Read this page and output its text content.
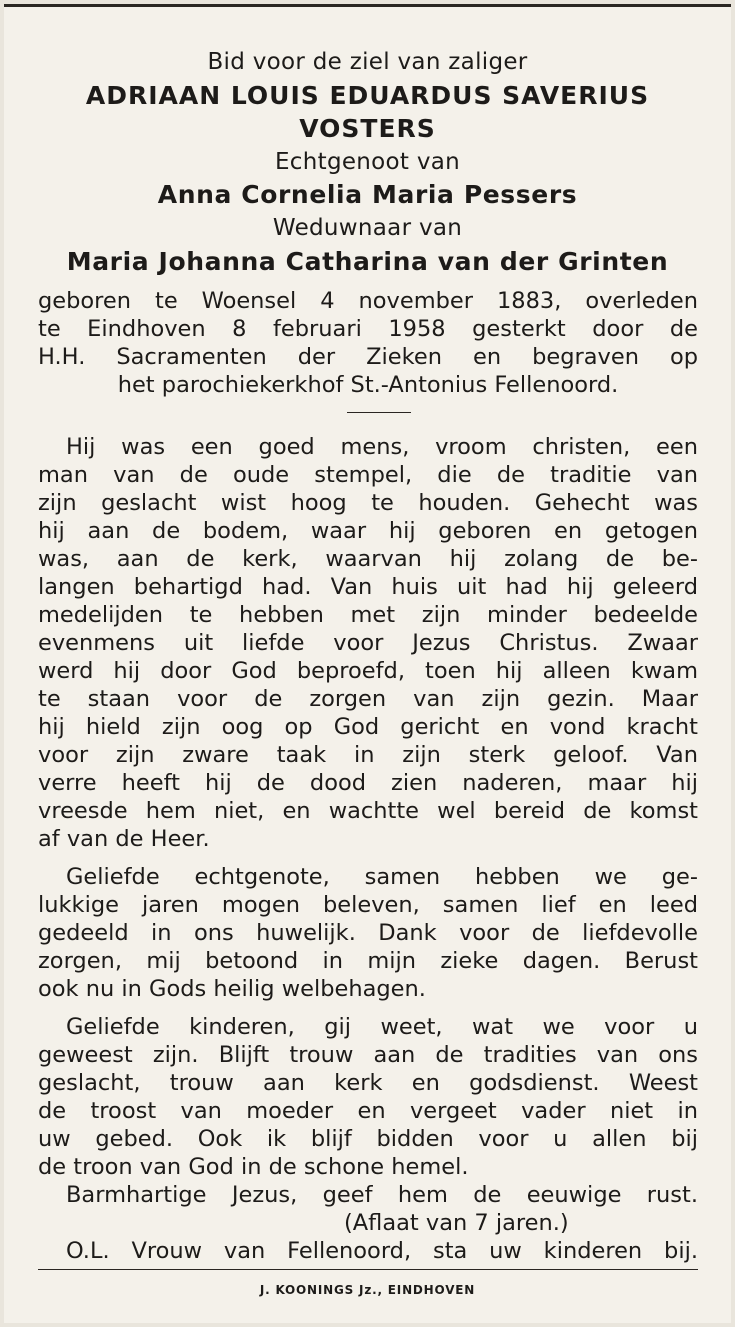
Bid voor de ziel van zaliger
ADRIAAN LOUIS EDUARDUS SAVERIUS
VOSTERS
Echtgenoot van
Anna Cornelia Maria Pessers
Weduwnaar van
Maria Johanna Catharina van der Grinten
geboren te Woensel 4 november 1883, overleden
te Eindhoven 8 februari 1958 gesterkt door de
H.H. Sacramenten der Zieken en begraven op
het parochiekerkhof St.-Antonius Fellenoord.
Hij was een goed mens, vroom christen, een
man van de oude stempel, die de traditie van
zijn geslacht wist hoog te houden. Gehecht was
hij aan de bodem, waar hij geboren en getogen
was, aan de kerk, waarvan hij zolang de be-
langen behartigd had. Van huis uit had hij geleerd
medelijden te hebben met zijn minder bedeelde
evenmens uit liefde voor Jezus Christus. Zwaar
werd hij door God beproefd, toen hij alleen kwam
te staan voor de zorgen van zijn gezin. Maar
hij hield zijn oog op God gericht en vond kracht
voor zijn zware taak in zijn sterk geloof. Van
verre heeft hij de dood zien naderen, maar hij
vreesde hem niet, en wachtte wel bereid de komst
af van de Heer.
Geliefde echtgenote, samen hebben we ge-
lukkige jaren mogen beleven, samen lief en leed
gedeeld in ons huwelijk. Dank voor de liefdevolle
zorgen, mij betoond in mijn zieke dagen. Berust
ook nu in Gods heilig welbehagen.
Geliefde kinderen, gij weet, wat we voor u
geweest zijn. Blijft trouw aan de tradities van ons
geslacht, trouw aan kerk en godsdienst. Weest
de troost van moeder en vergeet vader niet in
uw gebed. Ook ik blijf bidden voor u allen bij
de troon van God in de schone hemel.
Barmhartige Jezus, geef hem de eeuwige rust.
(Aflaat van 7 jaren.)
O.L. Vrouw van Fellenoord, sta uw kinderen bij.
J. KOONINGS Jz., EINDHOVEN
